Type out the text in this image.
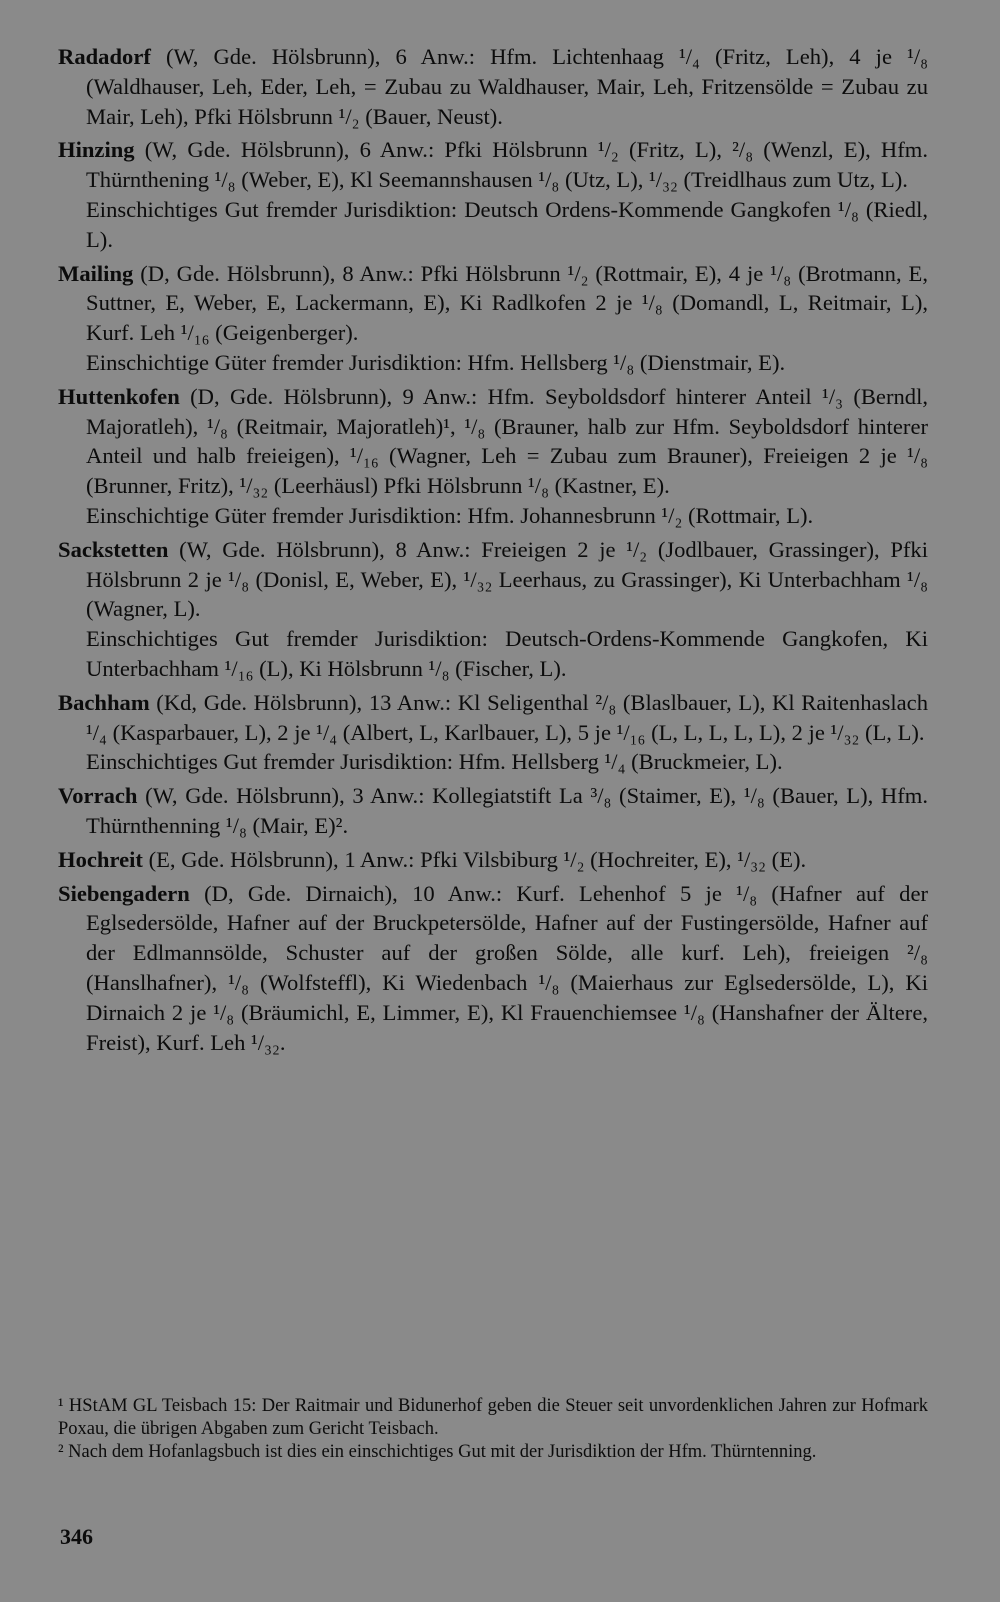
Radadorf (W, Gde. Hölsbrunn), 6 Anw.: Hfm. Lichtenhaag ¹/₄ (Fritz, Leh), 4 je ¹/₈ (Waldhauser, Leh, Eder, Leh, = Zubau zu Waldhauser, Mair, Leh, Fritzensölde = Zubau zu Mair, Leh), Pfki Hölsbrunn ¹/₂ (Bauer, Neust).
Hinzing (W, Gde. Hölsbrunn), 6 Anw.: Pfki Hölsbrunn ¹/₂ (Fritz, L), ²/₈ (Wenzl, E), Hfm. Thürnthening ¹/₈ (Weber, E), Kl Seemannshausen ¹/₈ (Utz, L), ¹/₃₂ (Treidlhaus zum Utz, L).
Einschichtiges Gut fremder Jurisdiktion: Deutsch Ordens-Kommende Gangkofen ¹/₈ (Riedl, L).
Mailing (D, Gde. Hölsbrunn), 8 Anw.: Pfki Hölsbrunn ¹/₂ (Rottmair, E), 4 je ¹/₈ (Brotmann, E, Suttner, E, Weber, E, Lackermann, E), Ki Radlkofen 2 je ¹/₈ (Domandl, L, Reitmair, L), Kurf. Leh ¹/₁₆ (Geigenberger).
Einschichtige Güter fremder Jurisdiktion: Hfm. Hellsberg ¹/₈ (Dienstmair, E).
Huttenkofen (D, Gde. Hölsbrunn), 9 Anw.: Hfm. Seyboldsdorf hinterer Anteil ¹/₃ (Berndl, Majoratleh), ¹/₈ (Reitmair, Majoratleh)¹, ¹/₈ (Brauner, halb zur Hfm. Seyboldsdorf hinterer Anteil und halb freieigen), ¹/₁₆ (Wagner, Leh = Zubau zum Brauner), Freieigen 2 je ¹/₈ (Brunner, Fritz), ¹/₃₂ (Leerhäusl) Pfki Hölsbrunn ¹/₈ (Kastner, E).
Einschichtige Güter fremder Jurisdiktion: Hfm. Johannesbrunn ¹/₂ (Rottmair, L).
Sackstetten (W, Gde. Hölsbrunn), 8 Anw.: Freieigen 2 je ¹/₂ (Jodlbauer, Grassinger), Pfki Hölsbrunn 2 je ¹/₈ (Donisl, E, Weber, E), ¹/₃₂ Leerhaus, zu Grassinger), Ki Unterbachham ¹/₈ (Wagner, L).
Einschichtiges Gut fremder Jurisdiktion: Deutsch-Ordens-Kommende Gangkofen, Ki Unterbachham ¹/₁₆ (L), Ki Hölsbrunn ¹/₈ (Fischer, L).
Bachham (Kd, Gde. Hölsbrunn), 13 Anw.: Kl Seligenthal ²/₈ (Blaslbauer, L), Kl Raitenhaslach ¹/₄ (Kasparbauer, L), 2 je ¹/₄ (Albert, L, Karlbauer, L), 5 je ¹/₁₆ (L, L, L, L, L), 2 je ¹/₃₂ (L, L).
Einschichtiges Gut fremder Jurisdiktion: Hfm. Hellsberg ¹/₄ (Bruckmeier, L).
Vorrach (W, Gde. Hölsbrunn), 3 Anw.: Kollegiatstift La ³/₈ (Staimer, E), ¹/₈ (Bauer, L), Hfm. Thürnthenning ¹/₈ (Mair, E)².
Hochreit (E, Gde. Hölsbrunn), 1 Anw.: Pfki Vilsbiburg ¹/₂ (Hochreiter, E), ¹/₃₂ (E).
Siebengadern (D, Gde. Dirnaich), 10 Anw.: Kurf. Lehenhof 5 je ¹/₈ (Hafner auf der Eglsedersölde, Hafner auf der Bruckpetersölde, Hafner auf der Fustingersölde, Hafner auf der Edlmannsölde, Schuster auf der großen Sölde, alle kurf. Leh), freieigen ²/₈ (Hanslhafner), ¹/₈ (Wolfsteffl), Ki Wiedenbach ¹/₈ (Maierhaus zur Eglsedersölde, L), Ki Dirnaich 2 je ¹/₈ (Bräumichl, E, Limmer, E), Kl Frauenchiemsee ¹/₈ (Hanshafner der Ältere, Freist), Kurf. Leh ¹/₃₂.

¹ HStAM GL Teisbach 15: Der Raitmair und Bidunerhof geben die Steuer seit unvordenklichen Jahren zur Hofmark Poxau, die übrigen Abgaben zum Gericht Teisbach.

² Nach dem Hofanlagsbuch ist dies ein einschichtiges Gut mit der Jurisdiktion der Hfm. Thürntenning.

346
